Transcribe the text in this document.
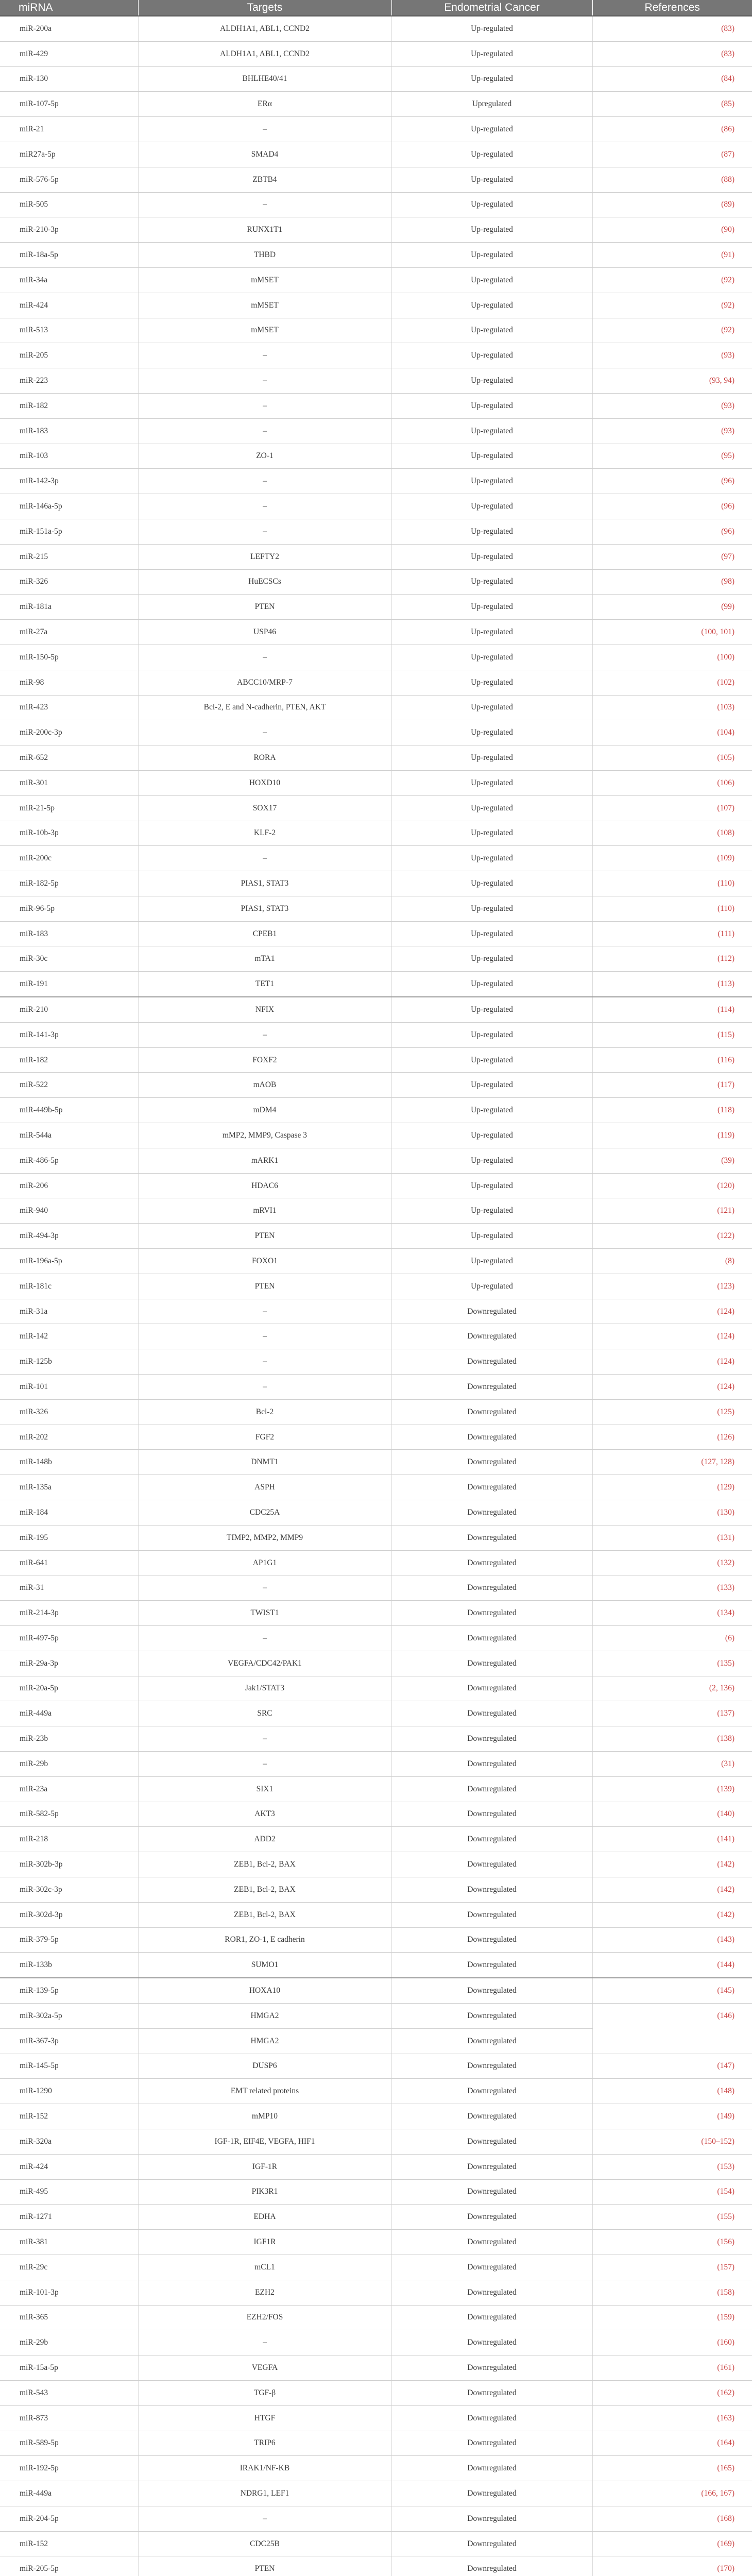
miRNA	Targets	Endometrial Cancer	References
miR-200a	ALDH1A1, ABL1, CCND2	Up-regulated	(83)
miR-429	ALDH1A1, ABL1, CCND2	Up-regulated	(83)
miR-130	BHLHE40/41	Up-regulated	(84)
miR-107-5p	ERα	Upregulated	(85)
miR-21	–	Up-regulated	(86)
miR27a-5p	SMAD4	Up-regulated	(87)
miR-576-5p	ZBTB4	Up-regulated	(88)
miR-505	–	Up-regulated	(89)
miR-210-3p	RUNX1T1	Up-regulated	(90)
miR-18a-5p	THBD	Up-regulated	(91)
miR-34a	mMSET	Up-regulated	(92)
miR-424	mMSET	Up-regulated	(92)
miR-513	mMSET	Up-regulated	(92)
miR-205	–	Up-regulated	(93)
miR-223	–	Up-regulated	(93, 94)
miR-182	–	Up-regulated	(93)
miR-183	–	Up-regulated	(93)
miR-103	ZO-1	Up-regulated	(95)
miR-142-3p	–	Up-regulated	(96)
miR-146a-5p	–	Up-regulated	(96)
miR-151a-5p	–	Up-regulated	(96)
miR-215	LEFTY2	Up-regulated	(97)
miR-326	HuECSCs	Up-regulated	(98)
miR-181a	PTEN	Up-regulated	(99)
miR-27a	USP46	Up-regulated	(100, 101)
miR-150-5p	–	Up-regulated	(100)
miR-98	ABCC10/MRP-7	Up-regulated	(102)
miR-423	Bcl-2, E and N-cadherin, PTEN, AKT	Up-regulated	(103)
miR-200c-3p	–	Up-regulated	(104)
miR-652	RORA	Up-regulated	(105)
miR-301	HOXD10	Up-regulated	(106)
miR-21-5p	SOX17	Up-regulated	(107)
miR-10b-3p	KLF-2	Up-regulated	(108)
miR-200c	–	Up-regulated	(109)
miR-182-5p	PIAS1, STAT3	Up-regulated	(110)
miR-96-5p	PIAS1, STAT3	Up-regulated	(110)
miR-183	CPEB1	Up-regulated	(111)
miR-30c	mTA1	Up-regulated	(112)
miR-191	TET1	Up-regulated	(113)
miR-210	NFIX	Up-regulated	(114)
miR-141-3p	–	Up-regulated	(115)
miR-182	FOXF2	Up-regulated	(116)
miR-522	mAOB	Up-regulated	(117)
miR-449b-5p	mDM4	Up-regulated	(118)
miR-544a	mMP2, MMP9, Caspase 3	Up-regulated	(119)
miR-486-5p	mARK1	Up-regulated	(39)
miR-206	HDAC6	Up-regulated	(120)
miR-940	mRVI1	Up-regulated	(121)
miR-494-3p	PTEN	Up-regulated	(122)
miR-196a-5p	FOXO1	Up-regulated	(8)
miR-181c	PTEN	Up-regulated	(123)
miR-31a	–	Downregulated	(124)
miR-142	–	Downregulated	(124)
miR-125b	–	Downregulated	(124)
miR-101	–	Downregulated	(124)
miR-326	Bcl-2	Downregulated	(125)
miR-202	FGF2	Downregulated	(126)
miR-148b	DNMT1	Downregulated	(127, 128)
miR-135a	ASPH	Downregulated	(129)
miR-184	CDC25A	Downregulated	(130)
miR-195	TIMP2, MMP2, MMP9	Downregulated	(131)
miR-641	AP1G1	Downregulated	(132)
miR-31	–	Downregulated	(133)
miR-214-3p	TWIST1	Downregulated	(134)
miR-497-5p	–	Downregulated	(6)
miR-29a-3p	VEGFA/CDC42/PAK1	Downregulated	(135)
miR-20a-5p	Jak1/STAT3	Downregulated	(2, 136)
miR-449a	SRC	Downregulated	(137)
miR-23b	–	Downregulated	(138)
miR-29b	–	Downregulated	(31)
miR-23a	SIX1	Downregulated	(139)
miR-582-5p	AKT3	Downregulated	(140)
miR-218	ADD2	Downregulated	(141)
miR-302b-3p	ZEB1, Bcl-2, BAX	Downregulated	(142)
miR-302c-3p	ZEB1, Bcl-2, BAX	Downregulated	(142)
miR-302d-3p	ZEB1, Bcl-2, BAX	Downregulated	(142)
miR-379-5p	ROR1, ZO-1, E cadherin	Downregulated	(143)
miR-133b	SUMO1	Downregulated	(144)
miR-139-5p	HOXA10	Downregulated	(145)
miR-302a-5p	HMGA2	Downregulated	(146)
miR-367-3p	HMGA2	Downregulated	
miR-145-5p	DUSP6	Downregulated	(147)
miR-1290	EMT related proteins	Downregulated	(148)
miR-152	mMP10	Downregulated	(149)
miR-320a	IGF-1R, EIF4E, VEGFA, HIF1	Downregulated	(150–152)
miR-424	IGF-1R	Downregulated	(153)
miR-495	PIK3R1	Downregulated	(154)
miR-1271	EDHA	Downregulated	(155)
miR-381	IGF1R	Downregulated	(156)
miR-29c	mCL1	Downregulated	(157)
miR-101-3p	EZH2	Downregulated	(158)
miR-365	EZH2/FOS	Downregulated	(159)
miR-29b	–	Downregulated	(160)
miR-15a-5p	VEGFA	Downregulated	(161)
miR-543	TGF-β	Downregulated	(162)
miR-873	HTGF	Downregulated	(163)
miR-589-5p	TRIP6	Downregulated	(164)
miR-192-5p	IRAK1/NF-KB	Downregulated	(165)
miR-449a	NDRG1, LEF1	Downregulated	(166, 167)
miR-204-5p	–	Downregulated	(168)
miR-152	CDC25B	Downregulated	(169)
miR-205-5p	PTEN	Downregulated	(170)
